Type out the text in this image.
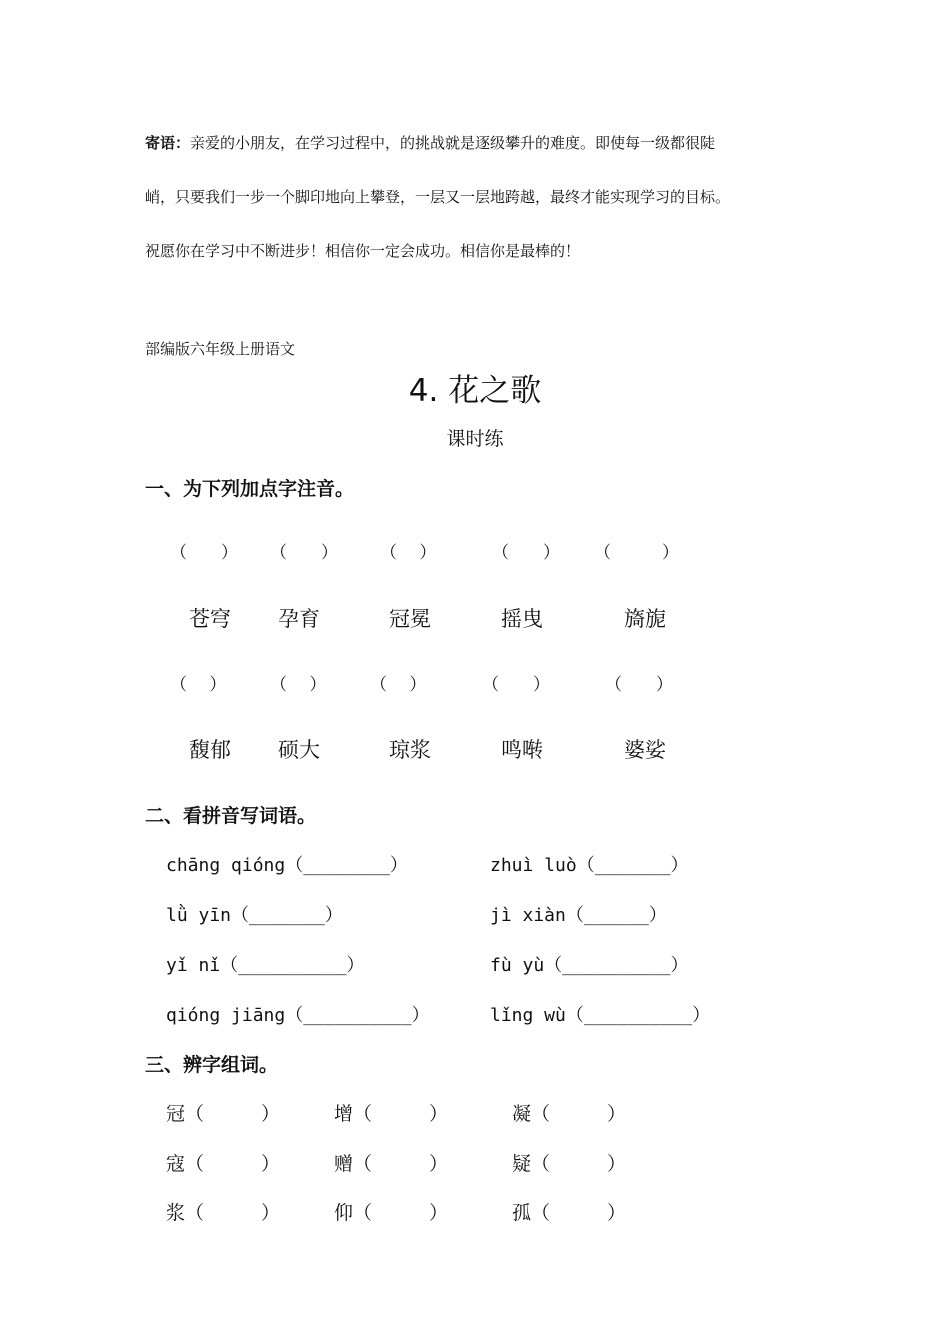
寄语：亲爱的小朋友，在学习过程中，的挑战就是逐级攀升的难度。即使每一级都很陡
峭，只要我们一步一个脚印地向上攀登，一层又一层地跨越，最终才能实现学习的目标。
祝愿你在学习中不断进步！相信你一定会成功。相信你是最棒的！
部编版六年级上册语文
4. 花之歌
课时练
一、为下列加点字注音。
（　　） （　　） （　 ）	（　　） （　　　）
苍穹 孕育	冠冕	摇曳	旖旎
（　 ）	（　 ）	（　 ）	（　　）	（　　）
馥郁 硕大	琼浆	鸣啭	婆娑
二、看拼音写词语。
chāng qióng（________）	zhuì luò（_______）
lǜ yīn（_______）	jì xiàn（______）
yǐ nǐ（__________）	fù yù（__________）
qióng jiāng（__________）	lǐng wù（__________）
三、辨字组词。
冠（　　　）	增（　　　）	凝（　　　）
寇（　　　）	赠（　　　）	疑（　　　）
浆（　　　）	仰（　　　）	孤（　　　）
